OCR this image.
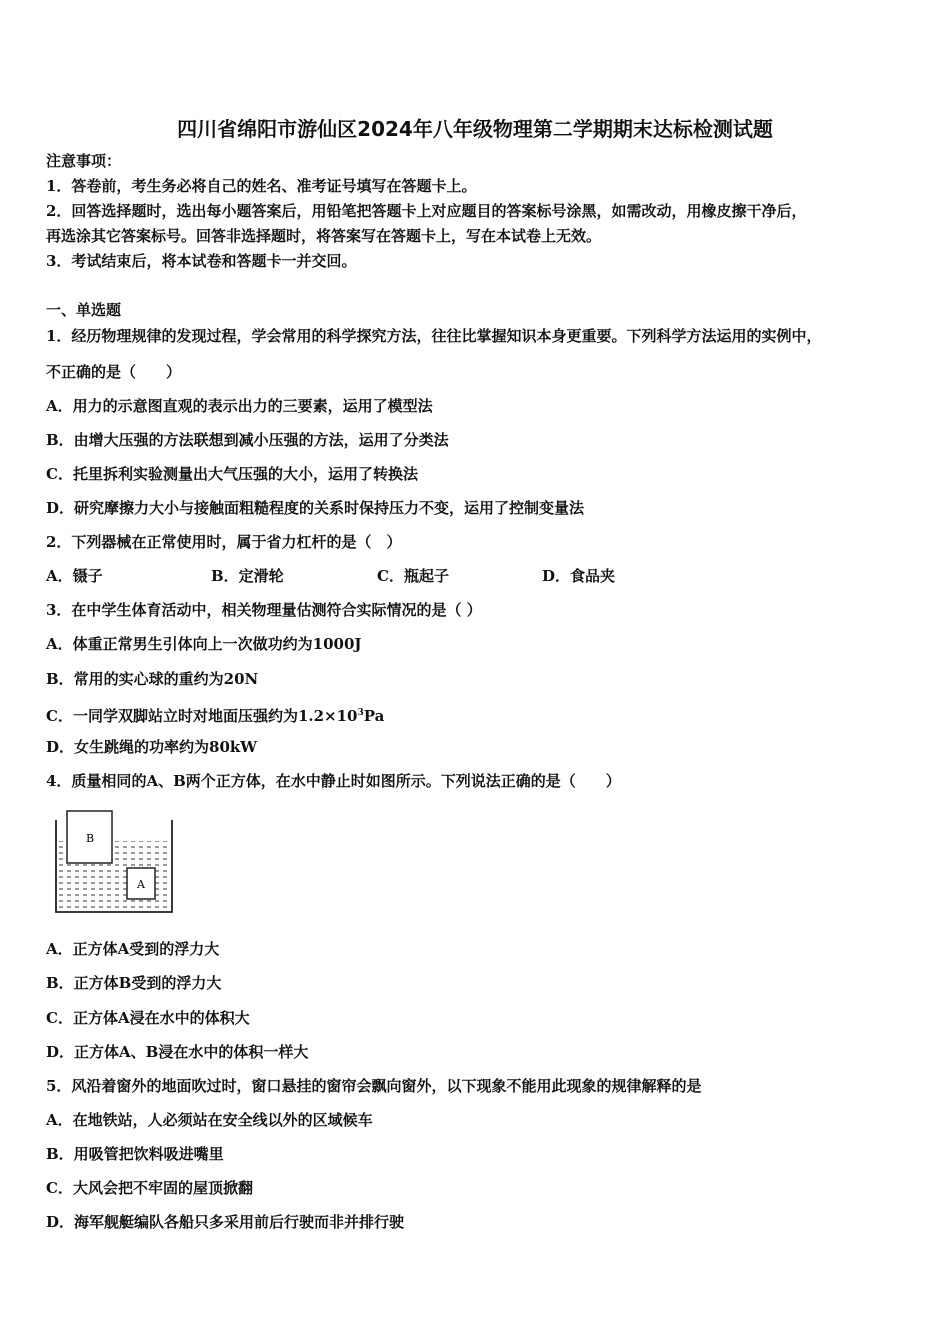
四川省绵阳市游仙区2024年八年级物理第二学期期末达标检测试题
注意事项：
1．答卷前，考生务必将自己的姓名、准考证号填写在答题卡上。
2．回答选择题时，选出每小题答案后，用铅笔把答题卡上对应题目的答案标号涂黑，如需改动，用橡皮擦干净后，
再选涂其它答案标号。回答非选择题时，将答案写在答题卡上，写在本试卷上无效。
3．考试结束后，将本试卷和答题卡一并交回。
一、单选题
1．经历物理规律的发现过程，学会常用的科学探究方法，往往比掌握知识本身更重要。下列科学方法运用的实例中，
不正确的是（　　）
A．用力的示意图直观的表示出力的三要素，运用了模型法
B．由增大压强的方法联想到减小压强的方法，运用了分类法
C．托里拆利实验测量出大气压强的大小，运用了转换法
D．研究摩擦力大小与接触面粗糙程度的关系时保持压力不变，运用了控制变量法
2．下列器械在正常使用时，属于省力杠杆的是（　）
A．镊子	B．定滑轮	C．瓶起子	D．食品夹
3．在中学生体育活动中，相关物理量估测符合实际情况的是（ ）
A．体重正常男生引体向上一次做功约为1000J
B．常用的实心球的重约为20N
C．一同学双脚站立时对地面压强约为$1.2\times 10^3Pa$
D．女生跳绳的功率约为80kW
4．质量相同的A、B两个正方体，在水中静止时如图所示。下列说法正确的是（　　）
B
A
A．正方体A受到的浮力大
B．正方体B受到的浮力大
C．正方体A浸在水中的体积大
D．正方体A、B浸在水中的体积一样大
5．风沿着窗外的地面吹过时，窗口悬挂的窗帘会飘向窗外，以下现象不能用此现象的规律解释的是
A．在地铁站，人必须站在安全线以外的区域候车
B．用吸管把饮料吸进嘴里
C．大风会把不牢固的屋顶掀翻
D．海军舰艇编队各船只多采用前后行驶而非并排行驶
